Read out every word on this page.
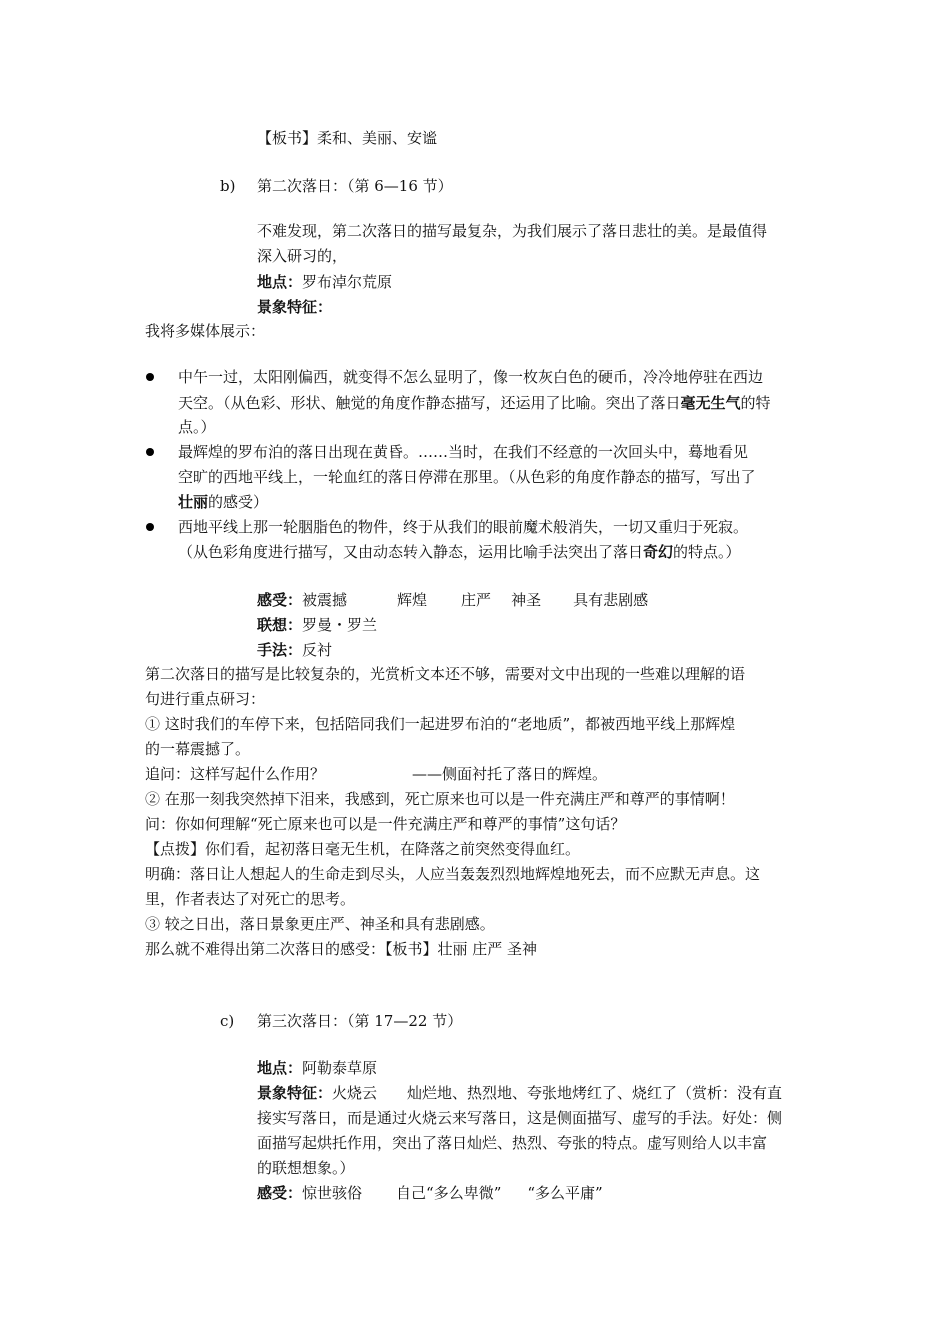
【板书】柔和、美丽、安谧
b) 第二次落日：（第 6—16 节）
不难发现，第二次落日的描写最复杂，为我们展示了落日悲壮的美。是最值得
深入研习的，
地点：罗布淖尔荒原
景象特征：
我将多媒体展示：
中午一过，太阳刚偏西，就变得不怎么显明了，像一枚灰白色的硬币，冷冷地停驻在西边
天空。（从色彩、形状、触觉的角度作静态描写，还运用了比喻。突出了落日毫无生气的特
点。）
最辉煌的罗布泊的落日出现在黄昏。……当时，在我们不经意的一次回头中，蓦地看见
空旷的西地平线上，一轮血红的落日停滞在那里。（从色彩的角度作静态的描写，写出了
壮丽的感受）
西地平线上那一轮胭脂色的物件，终于从我们的眼前魔术般消失，一切又重归于死寂。
（从色彩角度进行描写，又由动态转入静态，运用比喻手法突出了落日奇幻的特点。）
感受：被震撼	辉煌 庄严 神圣 具有悲剧感
联想：罗曼・罗兰
手法：反衬
第二次落日的描写是比较复杂的，光赏析文本还不够，需要对文中出现的一些难以理解的语
句进行重点研习：
① 这时我们的车停下来，包括陪同我们一起进罗布泊的“老地质”，都被西地平线上那辉煌
的一幕震撼了。
追问：这样写起什么作用？	——侧面衬托了落日的辉煌。
② 在那一刻我突然掉下泪来，我感到，死亡原来也可以是一件充满庄严和尊严的事情啊！
问：你如何理解“死亡原来也可以是一件充满庄严和尊严的事情”这句话？
【点拨】你们看，起初落日毫无生机，在降落之前突然变得血红。
明确：落日让人想起人的生命走到尽头，人应当轰轰烈烈地辉煌地死去，而不应默无声息。这
里，作者表达了对死亡的思考。
③ 较之日出，落日景象更庄严、神圣和具有悲剧感。
那么就不难得出第二次落日的感受：【板书】壮丽 庄严 圣神
c) 第三次落日：（第 17—22 节）
地点：阿勒泰草原
景象特征：火烧云　　灿烂地、热烈地、夸张地烤红了、烧红了（赏析：没有直
接实写落日，而是通过火烧云来写落日，这是侧面描写、虚写的手法。好处：侧
面描写起烘托作用，突出了落日灿烂、热烈、夸张的特点。虚写则给人以丰富
的联想想象。）
感受：惊世骇俗 自己“多么卑微” “多么平庸”
